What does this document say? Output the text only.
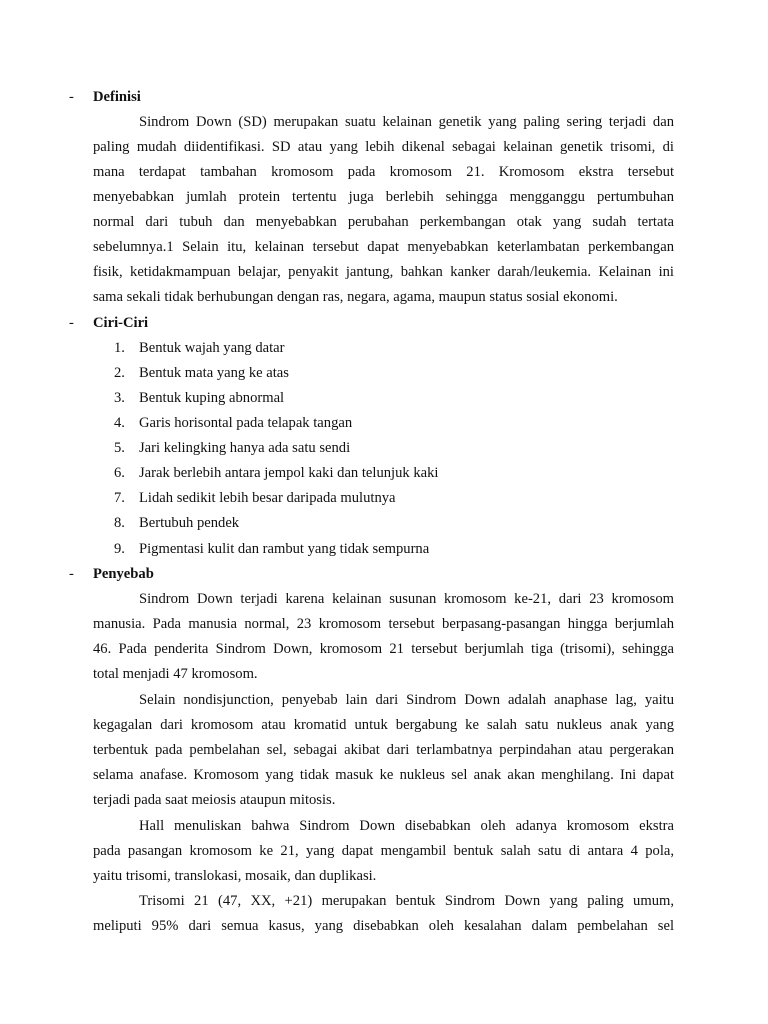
- Definisi
Sindrom Down (SD) merupakan suatu kelainan genetik yang paling sering terjadi dan
paling mudah diidentifikasi. SD atau yang lebih dikenal sebagai kelainan genetik trisomi, di
mana terdapat tambahan kromosom pada kromosom 21. Kromosom ekstra tersebut
menyebabkan jumlah protein tertentu juga berlebih sehingga mengganggu pertumbuhan
normal dari tubuh dan menyebabkan perubahan perkembangan otak yang sudah tertata
sebelumnya.1 Selain itu, kelainan tersebut dapat menyebabkan keterlambatan perkembangan
fisik, ketidakmampuan belajar, penyakit jantung, bahkan kanker darah/leukemia. Kelainan ini
sama sekali tidak berhubungan dengan ras, negara, agama, maupun status sosial ekonomi.
- Ciri-Ciri
1. Bentuk wajah yang datar
2. Bentuk mata yang ke atas
3. Bentuk kuping abnormal
4. Garis horisontal pada telapak tangan
5. Jari kelingking hanya ada satu sendi
6. Jarak berlebih antara jempol kaki dan telunjuk kaki
7. Lidah sedikit lebih besar daripada mulutnya
8. Bertubuh pendek
9. Pigmentasi kulit dan rambut yang tidak sempurna
- Penyebab
Sindrom Down terjadi karena kelainan susunan kromosom ke-21, dari 23 kromosom
manusia. Pada manusia normal, 23 kromosom tersebut berpasang-pasangan hingga berjumlah
46. Pada penderita Sindrom Down, kromosom 21 tersebut berjumlah tiga (trisomi), sehingga
total menjadi 47 kromosom.
Selain nondisjunction, penyebab lain dari Sindrom Down adalah anaphase lag, yaitu
kegagalan dari kromosom atau kromatid untuk bergabung ke salah satu nukleus anak yang
terbentuk pada pembelahan sel, sebagai akibat dari terlambatnya perpindahan atau pergerakan
selama anafase. Kromosom yang tidak masuk ke nukleus sel anak akan menghilang. Ini dapat
terjadi pada saat meiosis ataupun mitosis.
Hall menuliskan bahwa Sindrom Down disebabkan oleh adanya kromosom ekstra
pada pasangan kromosom ke 21, yang dapat mengambil bentuk salah satu di antara 4 pola,
yaitu trisomi, translokasi, mosaik, dan duplikasi.
Trisomi 21 (47, XX, +21) merupakan bentuk Sindrom Down yang paling umum,
meliputi 95% dari semua kasus, yang disebabkan oleh kesalahan dalam pembelahan sel
